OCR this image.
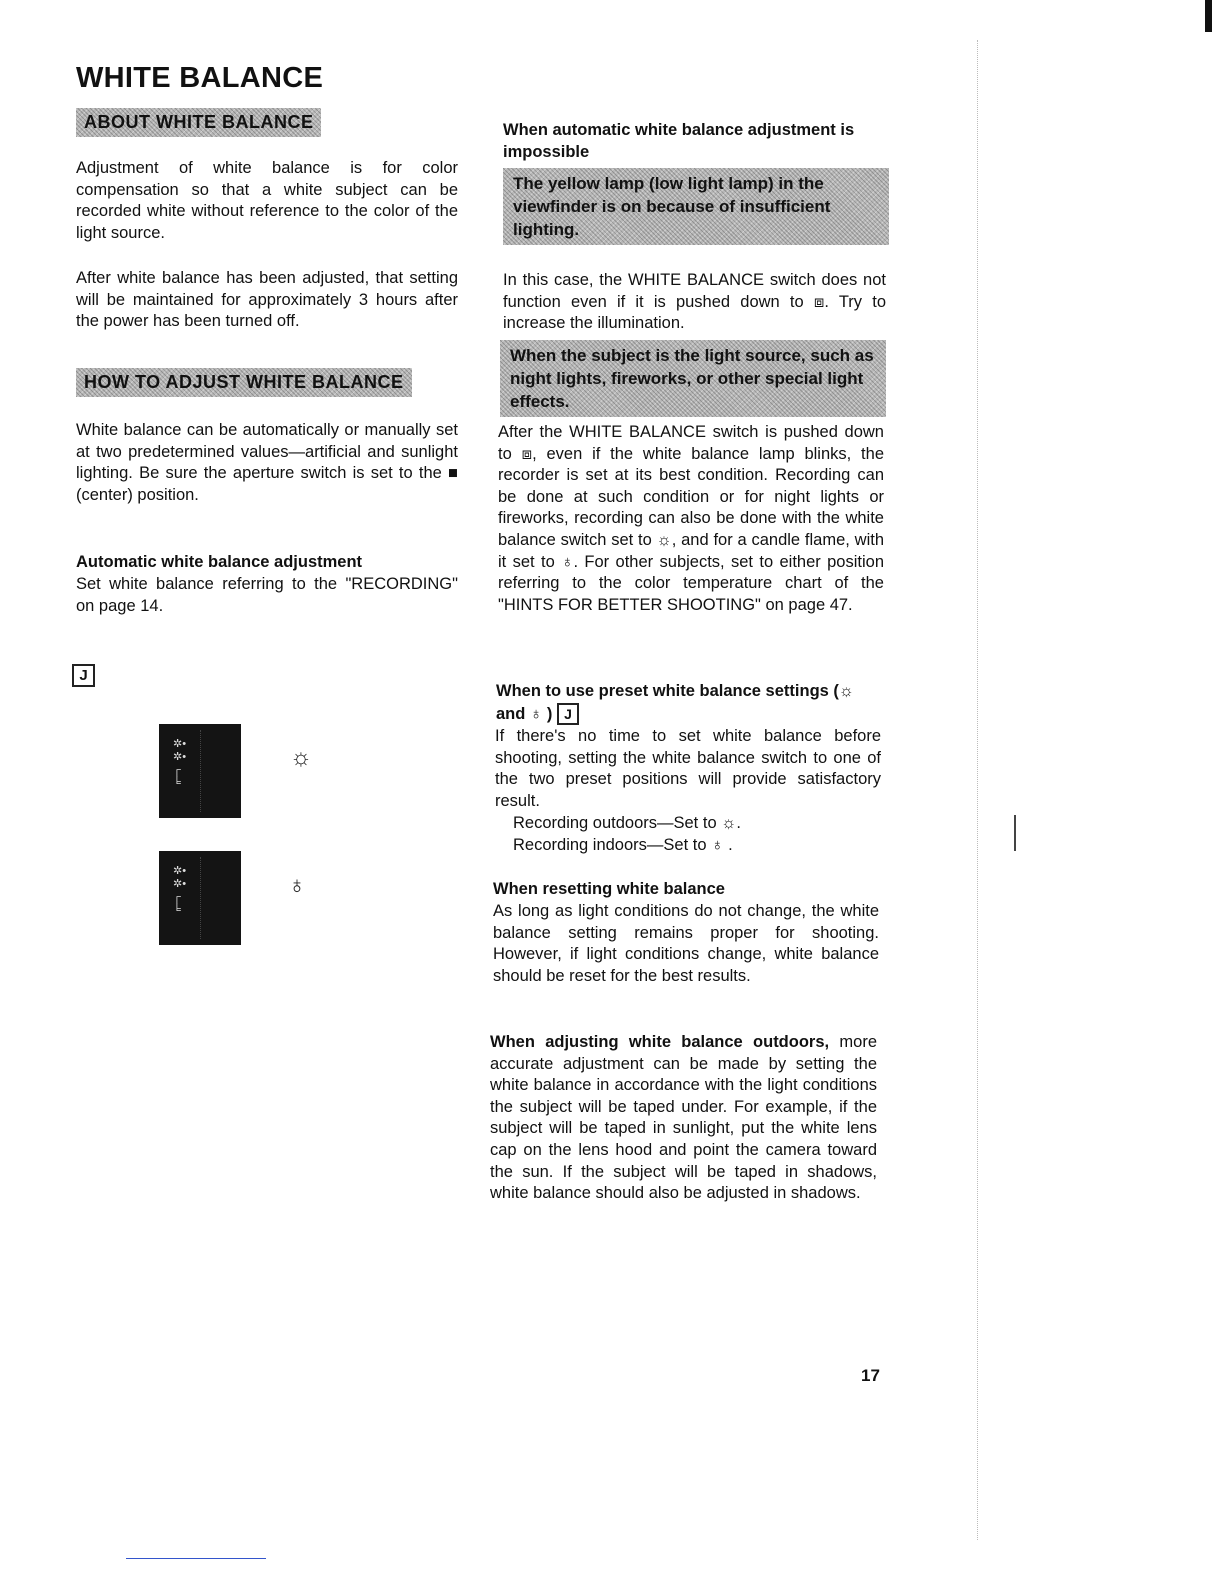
WHITE BALANCE
ABOUT WHITE BALANCE
Adjustment of white balance is for color compensation so that a white subject can be recorded white without reference to the color of the light source.
After white balance has been adjusted, that setting will be maintained for approximately 3 hours after the power has been turned off.
HOW TO ADJUST WHITE BALANCE
White balance can be automatically or manually set at two predetermined values—artificial and sunlight lighting. Be sure the aperture switch is set to the ■ (center) position.
Automatic white balance adjustment
Set white balance referring to the "RECORDING" on page 14.
J
✲•
✲•
┌
╘
☼
✲•
✲•
┌
╘
♁
When automatic white balance adjustment is
impossible
The yellow lamp (low light lamp) in the viewfinder is on because of insufficient lighting.
In this case, the WHITE BALANCE switch does not function even if it is pushed down to ⧈. Try to increase the illumination.
When the subject is the light source, such as night lights, fireworks, or other special light effects.
After the WHITE BALANCE switch is pushed down to ⧈, even if the white balance lamp blinks, the recorder is set at its best condition. Recording can be done at such condition or for night lights or fireworks, recording can also be done with the white balance switch set to ☼, and for a candle flame, with it set to ♁. For other subjects, set to either position referring to the color temperature chart of the "HINTS FOR BETTER SHOOTING" on page 47.
When to use preset white balance settings (☼
and ♁ ) J
If there's no time to set white balance before shooting, setting the white balance switch to one of the two preset positions will provide satisfactory result.
Recording outdoors—Set to ☼.
Recording indoors—Set to ♁ .
When resetting white balance
As long as light conditions do not change, the white balance setting remains proper for shooting. However, if light conditions change, white balance should be reset for the best results.
When adjusting white balance outdoors, more accurate adjustment can be made by setting the white balance in accordance with the light conditions the subject will be taped under. For example, if the subject will be taped in sunlight, put the white lens cap on the lens hood and point the camera toward the sun. If the subject will be taped in shadows, white balance should also be adjusted in shadows.
17
